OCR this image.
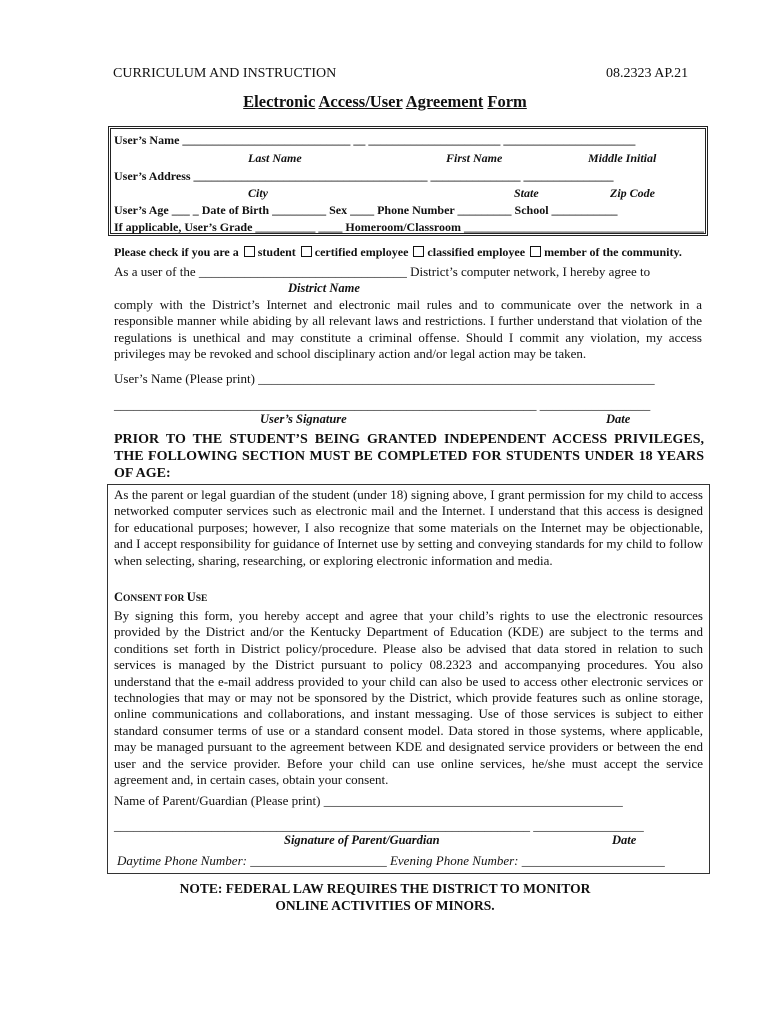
CURRICULUM AND INSTRUCTION	08.2323 AP.21
Electronic Access/User Agreement Form
User’s Name ____________________________ __ ______________________ ______________________
Last Name	First Name	Middle Initial
User’s Address _______________________________________ _______________ _______________
City	State	Zip Code
User’s Age ___ _ Date of Birth _________ Sex ____ Phone Number _________ School ___________
If applicable, User’s Grade __________ ____ Homeroom/Classroom ________________________________________
Please check if you are a student certified employee classified employee member of the community.
As a user of the ________________________________ District’s computer network, I hereby agree to
District Name
comply with the District’s Internet and electronic mail rules and to communicate over the network in a responsible manner while abiding by all relevant laws and restrictions. I further understand that violation of the regulations is unethical and may constitute a criminal offense. Should I commit any violation, my access privileges may be revoked and school disciplinary action and/or legal action may be taken.
User’s Name (Please print) _____________________________________________________________
_________________________________________________________________ _________________
User’s Signature	Date
PRIOR TO THE STUDENT’S BEING GRANTED INDEPENDENT ACCESS PRIVILEGES, THE FOLLOWING SECTION MUST BE COMPLETED FOR STUDENTS UNDER 18 YEARS OF AGE:
As the parent or legal guardian of the student (under 18) signing above, I grant permission for my child to access networked computer services such as electronic mail and the Internet. I understand that this access is designed for educational purposes; however, I also recognize that some materials on the Internet may be objectionable, and I accept responsibility for guidance of Internet use by setting and conveying standards for my child to follow when selecting, sharing, researching, or exploring electronic information and media.
CONSENT FOR USE
By signing this form, you hereby accept and agree that your child’s rights to use the electronic resources provided by the District and/or the Kentucky Department of Education (KDE) are subject to the terms and conditions set forth in District policy/procedure. Please also be advised that data stored in relation to such services is managed by the District pursuant to policy 08.2323 and accompanying procedures. You also understand that the e-mail address provided to your child can also be used to access other electronic services or technologies that may or may not be sponsored by the District, which provide features such as online storage, online communications and collaborations, and instant messaging. Use of those services is subject to either standard consumer terms of use or a standard consent model. Data stored in those systems, where applicable, may be managed pursuant to the agreement between KDE and designated service providers or between the end user and the service provider. Before your child can use online services, he/she must accept the service agreement and, in certain cases, obtain your consent.
Name of Parent/Guardian (Please print) ______________________________________________
________________________________________________________________ _________________
Signature of Parent/Guardian	Date
Daytime Phone Number: _____________________ Evening Phone Number: ______________________
NOTE: FEDERAL LAW REQUIRES THE DISTRICT TO MONITOR
ONLINE ACTIVITIES OF MINORS.
